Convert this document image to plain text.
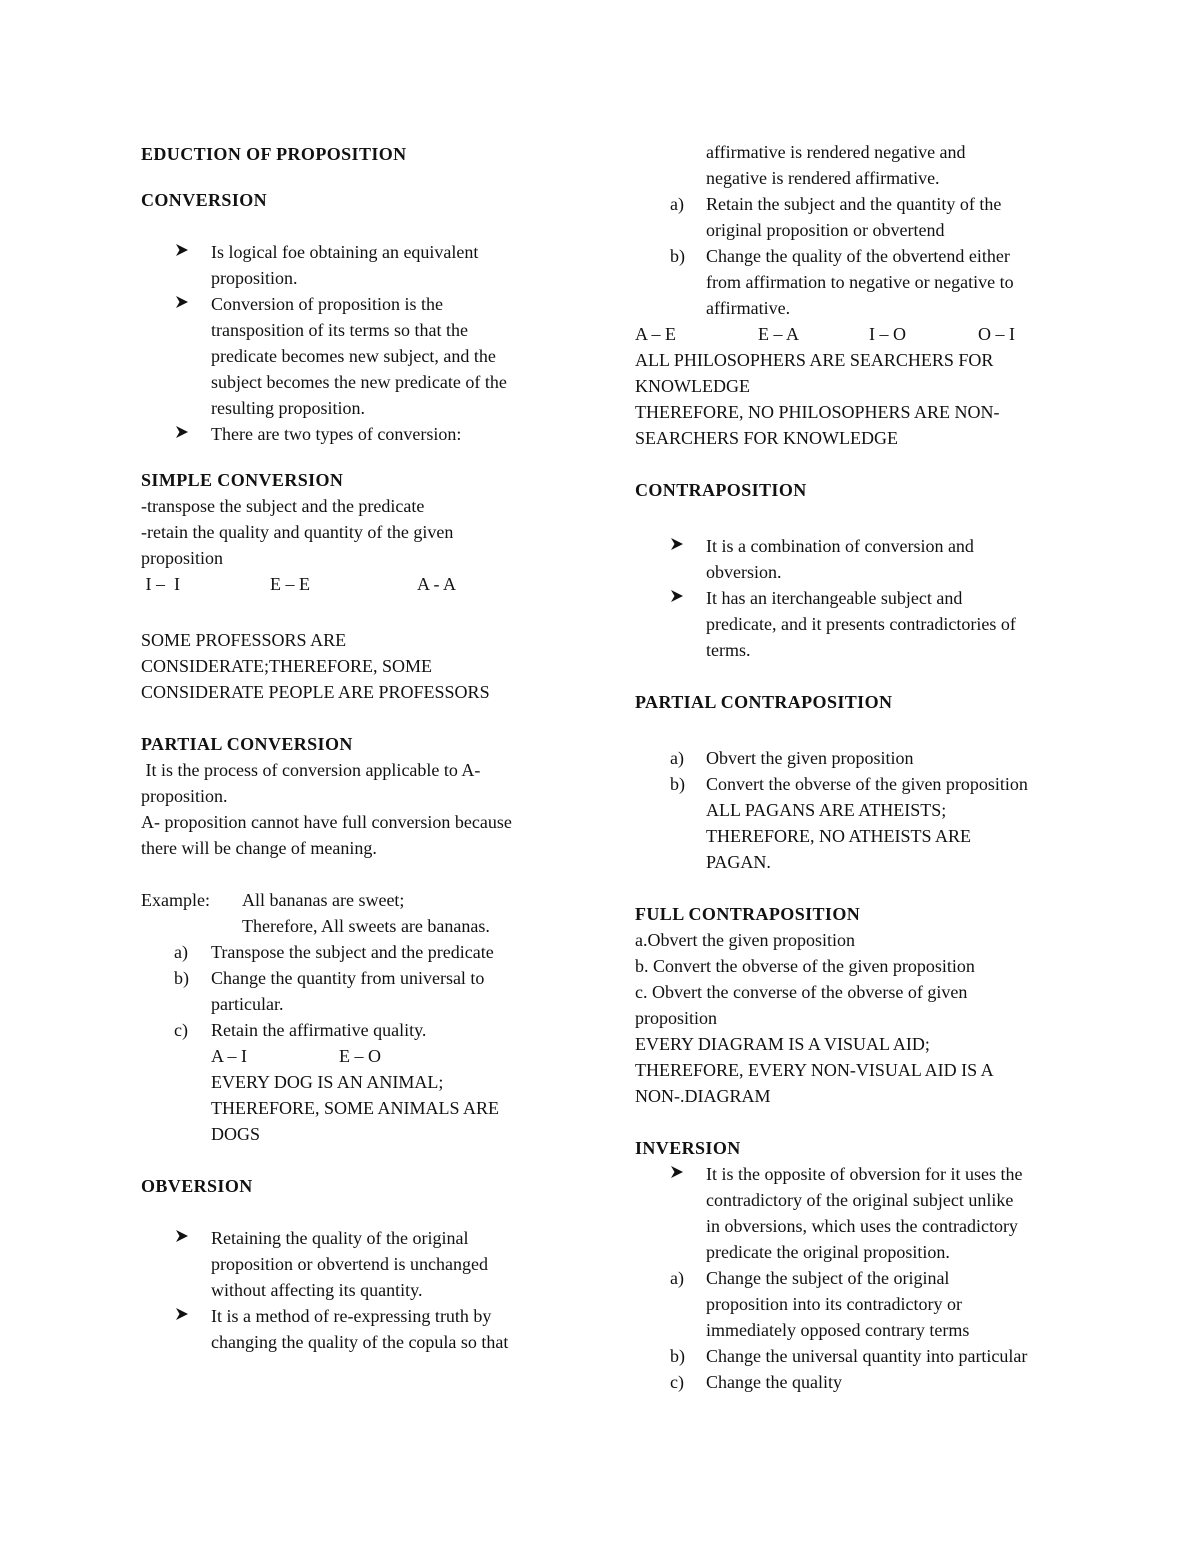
EDUCTION OF PROPOSITION

CONVERSION

Is logical foe obtaining an equivalent
proposition.
Conversion of proposition is the
transposition of its terms so that the
predicate becomes new subject, and the
subject becomes the new predicate of the
resulting proposition.
There are two types of conversion:

SIMPLE CONVERSION

-transpose the subject and the predicate
-retain the quality and quantity of the given
proposition
I –  I	E – E	A - A
SOME PROFESSORS ARE
CONSIDERATE;THEREFORE, SOME
CONSIDERATE PEOPLE ARE PROFESSORS

PARTIAL CONVERSION

It is the process of conversion applicable to A-
proposition.
A- proposition cannot have full conversion because
there will be change of meaning.
Example:	All bananas are sweet;
Therefore, All sweets are bananas.
a) Transpose the subject and the predicate
b) Change the quantity from universal to
particular.
c) Retain the affirmative quality.
A – I	E – O
EVERY DOG IS AN ANIMAL;
THEREFORE, SOME ANIMALS ARE
DOGS

OBVERSION

Retaining the quality of the original
proposition or obvertend is unchanged
without affecting its quantity.
It is a method of re-expressing truth by
changing the quality of the copula so that
affirmative is rendered negative and
negative is rendered affirmative.
a) Retain the subject and the quantity of the
original proposition or obvertend
b) Change the quality of the obvertend either
from affirmation to negative or negative to
affirmative.
A – E	E – A	I – O	O – I
ALL PHILOSOPHERS ARE SEARCHERS FOR
KNOWLEDGE
THEREFORE, NO PHILOSOPHERS ARE NON-
SEARCHERS FOR KNOWLEDGE

CONTRAPOSITION

It is a combination of conversion and
obversion.
It has an iterchangeable subject and
predicate, and it presents contradictories of
terms.

PARTIAL CONTRAPOSITION

a) Obvert the given proposition
b) Convert the obverse of the given proposition
ALL PAGANS ARE ATHEISTS;
THEREFORE, NO ATHEISTS ARE
PAGAN.

FULL CONTRAPOSITION

a.Obvert the given proposition
b. Convert the obverse of the given proposition
c. Obvert the converse of the obverse of given
proposition
EVERY DIAGRAM IS A VISUAL AID;
THEREFORE, EVERY NON-VISUAL AID IS A
NON-.DIAGRAM

INVERSION

It is the opposite of obversion for it uses the
contradictory of the original subject unlike
in obversions, which uses the contradictory
predicate the original proposition.
a) Change the subject of the original
proposition into its contradictory or
immediately opposed contrary terms
b) Change the universal quantity into particular
c) Change the quality
